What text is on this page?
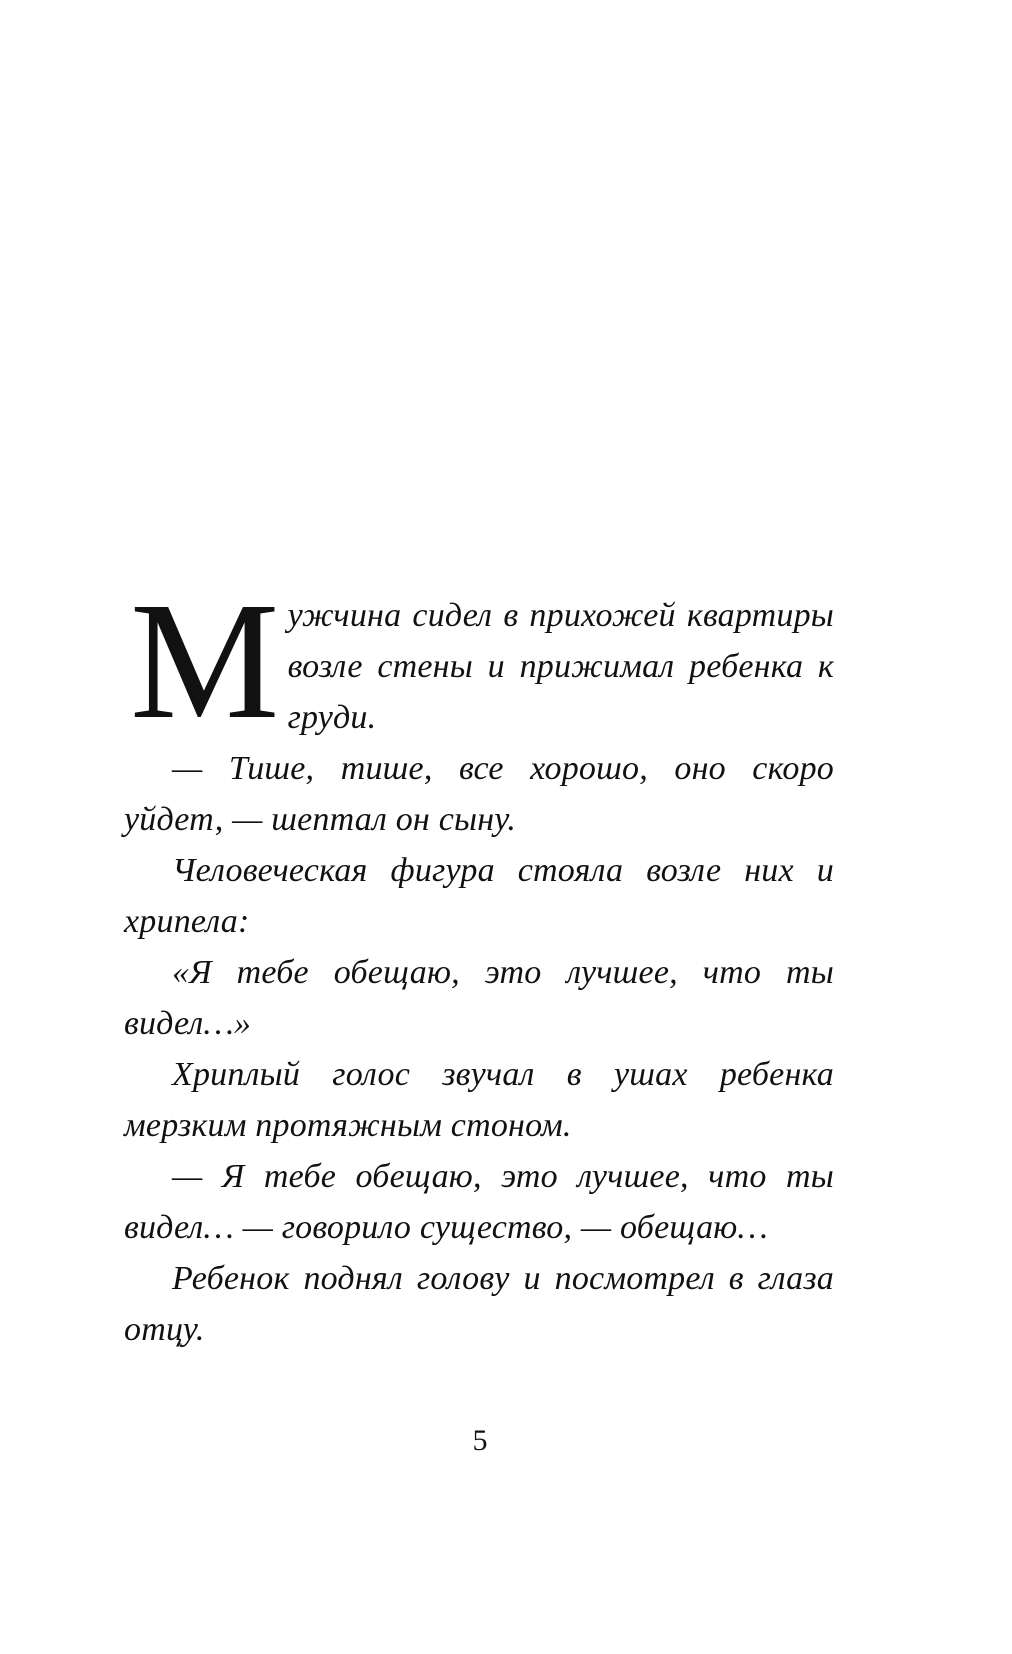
Мужчина сидел в прихожей квартиры возле стены и прижимал ребенка к груди.

— Тише, тише, все хорошо, оно скоро уйдет, — шептал он сыну.

Человеческая фигура стояла возле них и хрипела:

«Я тебе обещаю, это лучшее, что ты видел…»

Хриплый голос звучал в ушах ребенка мерзким протяжным стоном.

— Я тебе обещаю, это лучшее, что ты видел… — говорило существо, — обещаю…

Ребенок поднял голову и посмотрел в глаза отцу.

5
